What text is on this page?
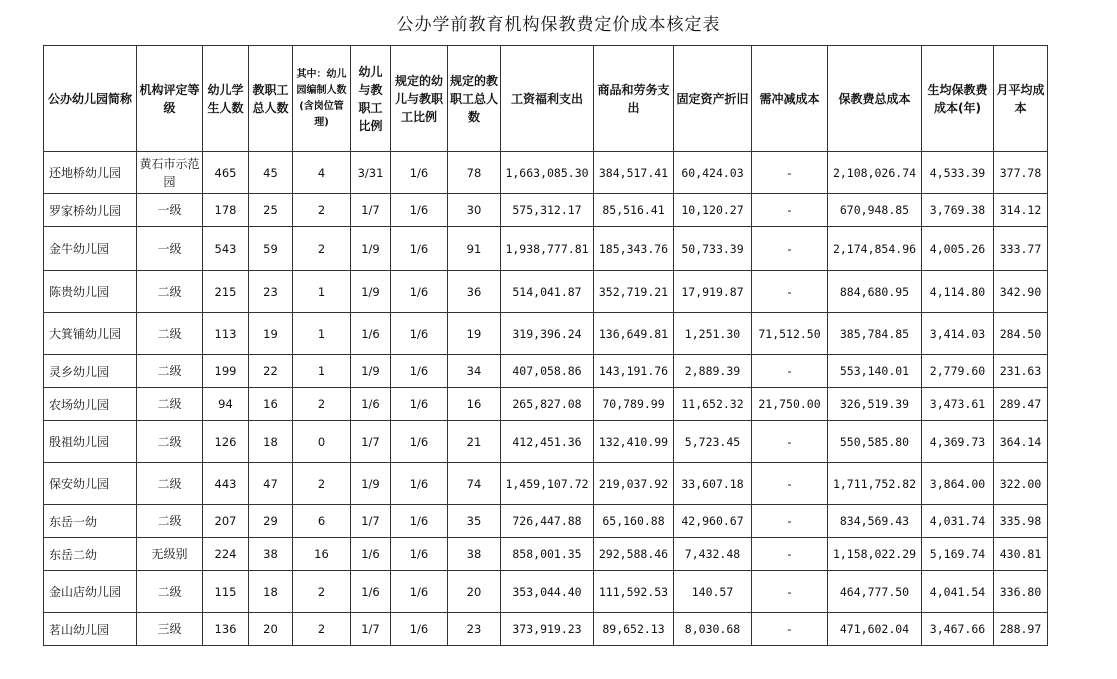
公办学前教育机构保教费定价成本核定表
公办幼儿园简称	机构评定等级	幼儿学生人数	教职工总人数	其中：幼儿园编制人数(含岗位管理)	幼儿与教职工比例	规定的幼儿与教职工比例	规定的教职工总人数	工资福利支出	商品和劳务支出	固定资产折旧	需冲减成本	保教费总成本	生均保教费成本(年)	月平均成本
还地桥幼儿园	黄石市示范园	465	45	4	3/31	1/6	78	1,663,085.30	384,517.41	60,424.03	-	2,108,026.74	4,533.39	377.78
罗家桥幼儿园	一级	178	25	2	1/7	1/6	30	575,312.17	85,516.41	10,120.27	-	670,948.85	3,769.38	314.12
金牛幼儿园	一级	543	59	2	1/9	1/6	91	1,938,777.81	185,343.76	50,733.39	-	2,174,854.96	4,005.26	333.77
陈贵幼儿园	二级	215	23	1	1/9	1/6	36	514,041.87	352,719.21	17,919.87	-	884,680.95	4,114.80	342.90
大箕铺幼儿园	二级	113	19	1	1/6	1/6	19	319,396.24	136,649.81	1,251.30	71,512.50	385,784.85	3,414.03	284.50
灵乡幼儿园	二级	199	22	1	1/9	1/6	34	407,058.86	143,191.76	2,889.39	-	553,140.01	2,779.60	231.63
农场幼儿园	二级	94	16	2	1/6	1/6	16	265,827.08	70,789.99	11,652.32	21,750.00	326,519.39	3,473.61	289.47
殷祖幼儿园	二级	126	18	0	1/7	1/6	21	412,451.36	132,410.99	5,723.45	-	550,585.80	4,369.73	364.14
保安幼儿园	二级	443	47	2	1/9	1/6	74	1,459,107.72	219,037.92	33,607.18	-	1,711,752.82	3,864.00	322.00
东岳一幼	二级	207	29	6	1/7	1/6	35	726,447.88	65,160.88	42,960.67	-	834,569.43	4,031.74	335.98
东岳二幼	无级别	224	38	16	1/6	1/6	38	858,001.35	292,588.46	7,432.48	-	1,158,022.29	5,169.74	430.81
金山店幼儿园	二级	115	18	2	1/6	1/6	20	353,044.40	111,592.53	140.57	-	464,777.50	4,041.54	336.80
茗山幼儿园	三级	136	20	2	1/7	1/6	23	373,919.23	89,652.13	8,030.68	-	471,602.04	3,467.66	288.97
